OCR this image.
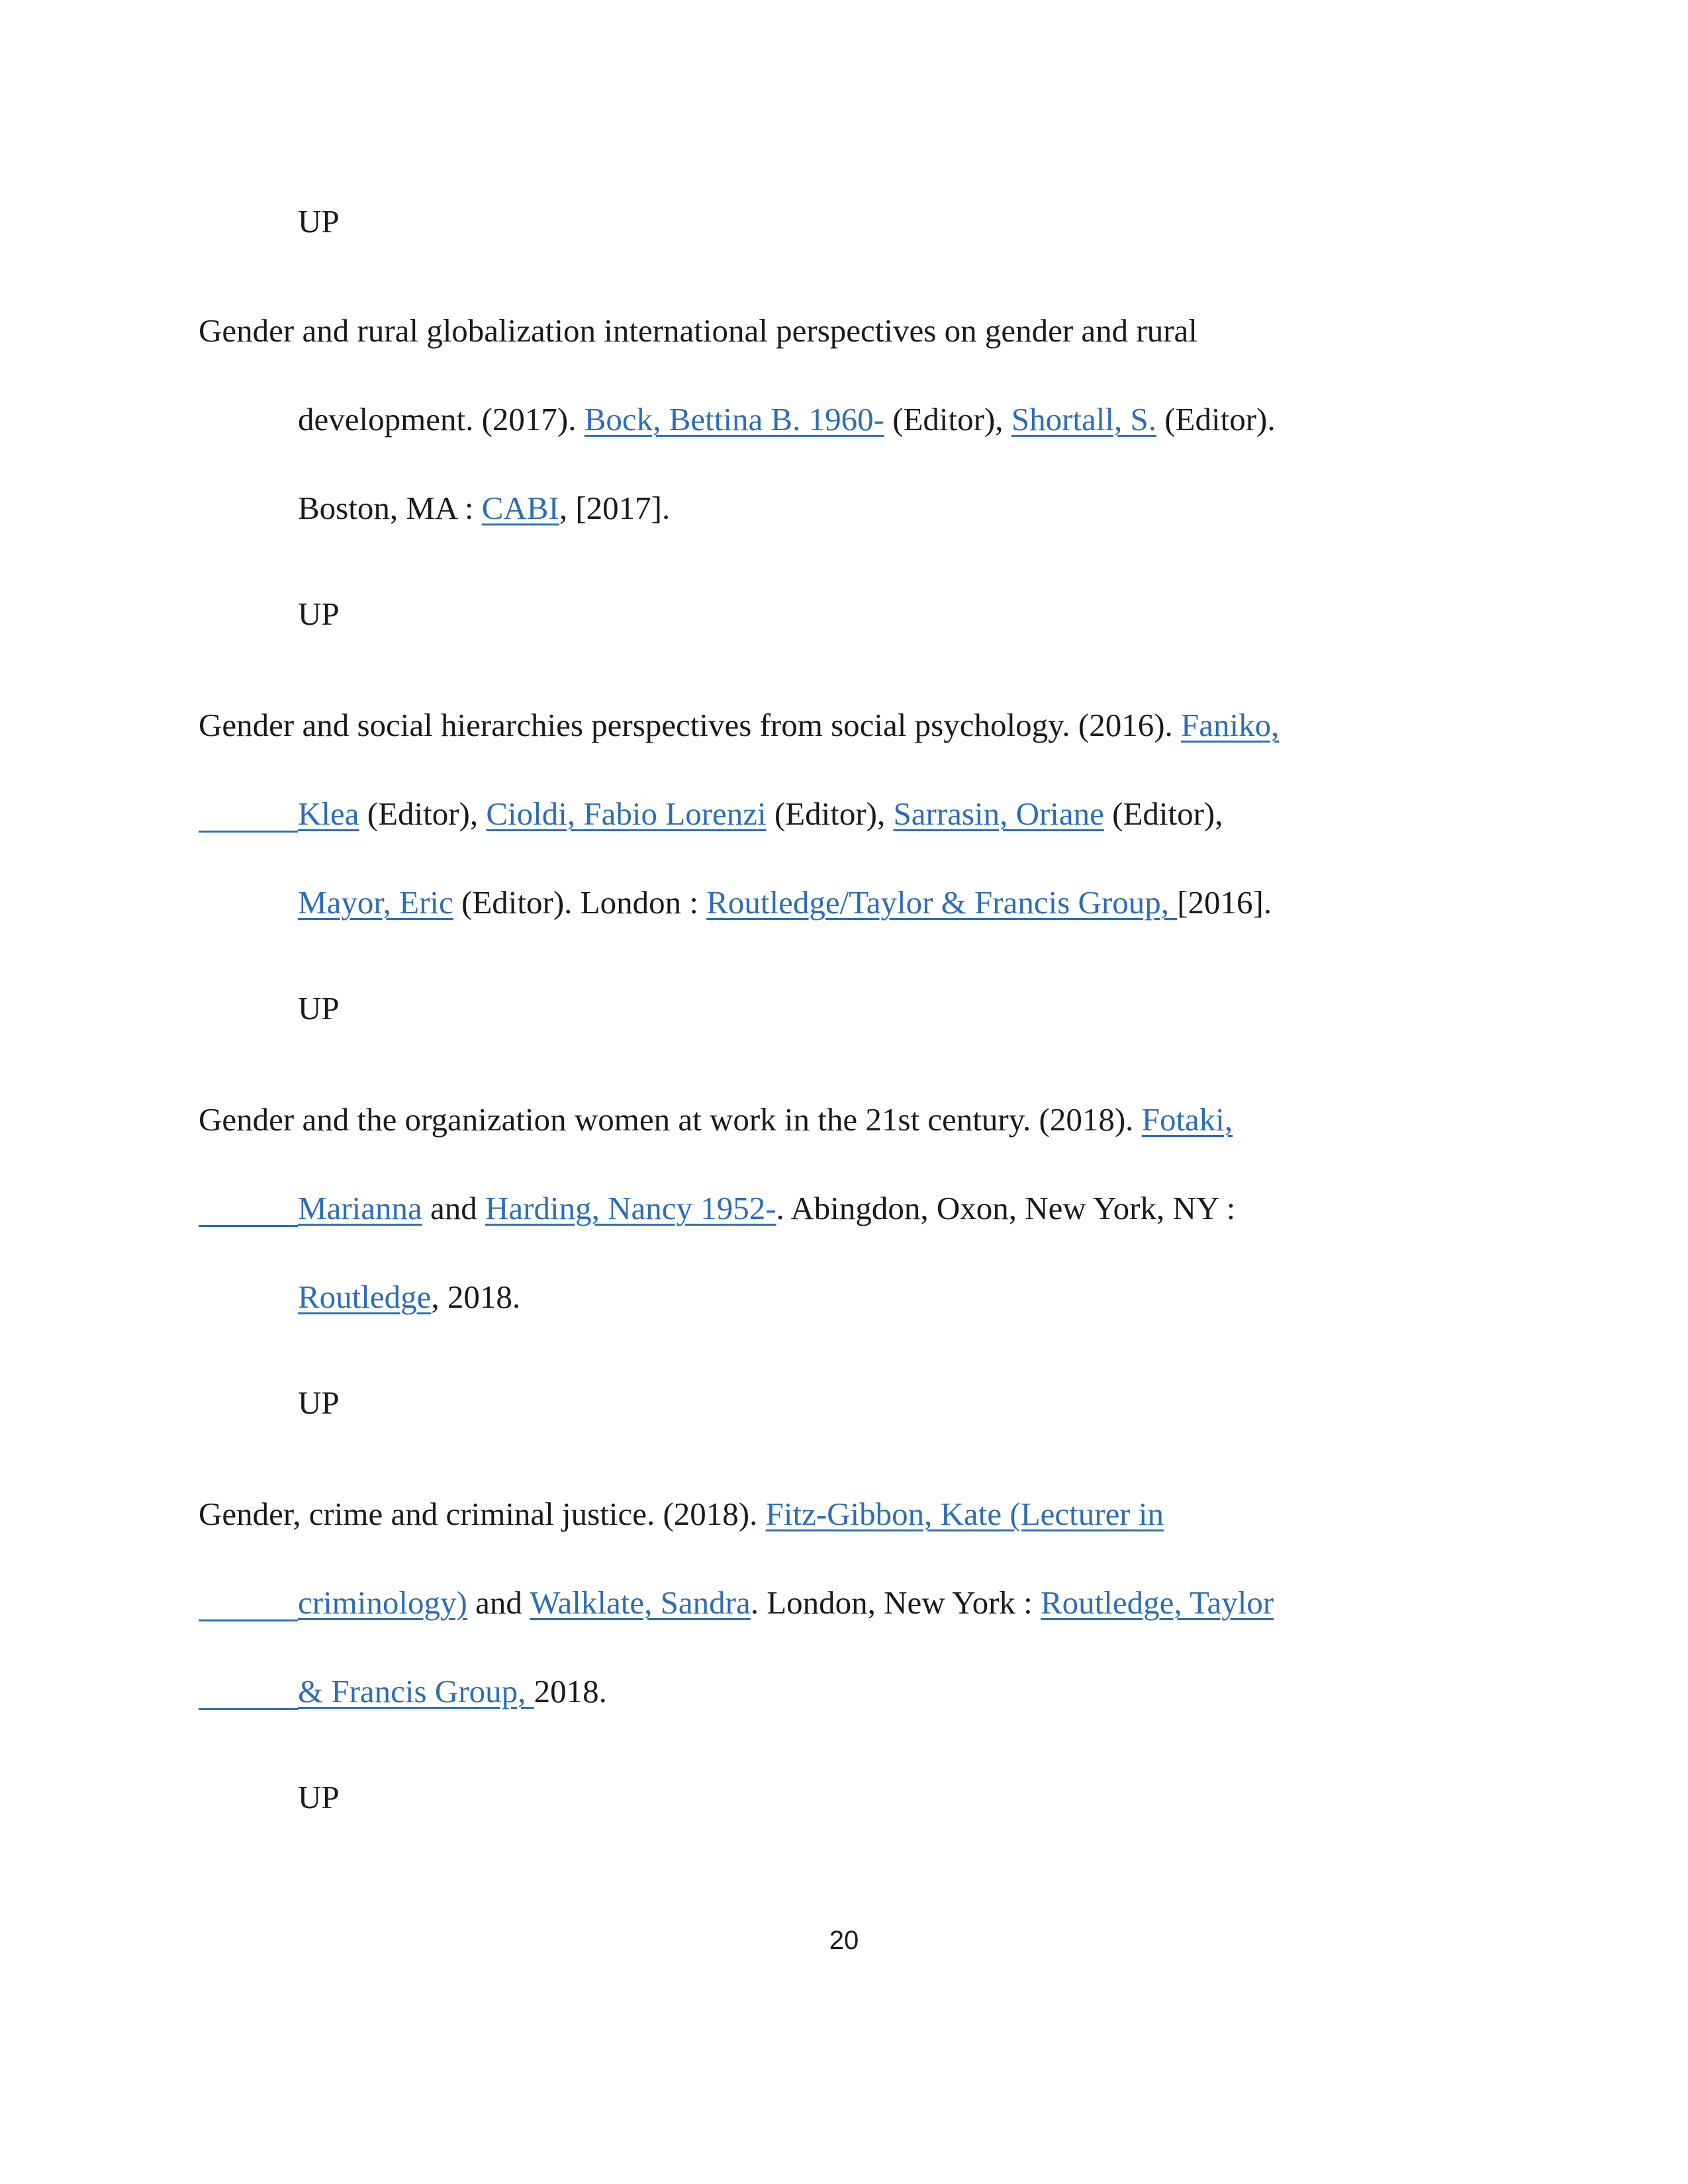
UP
Gender and rural globalization international perspectives on gender and rural
development. (2017). Bock, Bettina B. 1960- (Editor), Shortall, S. (Editor).
Boston, MA : CABI, [2017].
UP
Gender and social hierarchies perspectives from social psychology. (2016). Faniko,
Klea (Editor), Cioldi, Fabio Lorenzi (Editor), Sarrasin, Oriane (Editor),
Mayor, Eric (Editor). London : Routledge/Taylor & Francis Group, [2016].
UP
Gender and the organization women at work in the 21st century. (2018). Fotaki,
Marianna and Harding, Nancy 1952-. Abingdon, Oxon, New York, NY :
Routledge, 2018.
UP
Gender, crime and criminal justice. (2018). Fitz-Gibbon, Kate (Lecturer in
criminology) and Walklate, Sandra. London, New York : Routledge, Taylor
& Francis Group, 2018.
UP
20
